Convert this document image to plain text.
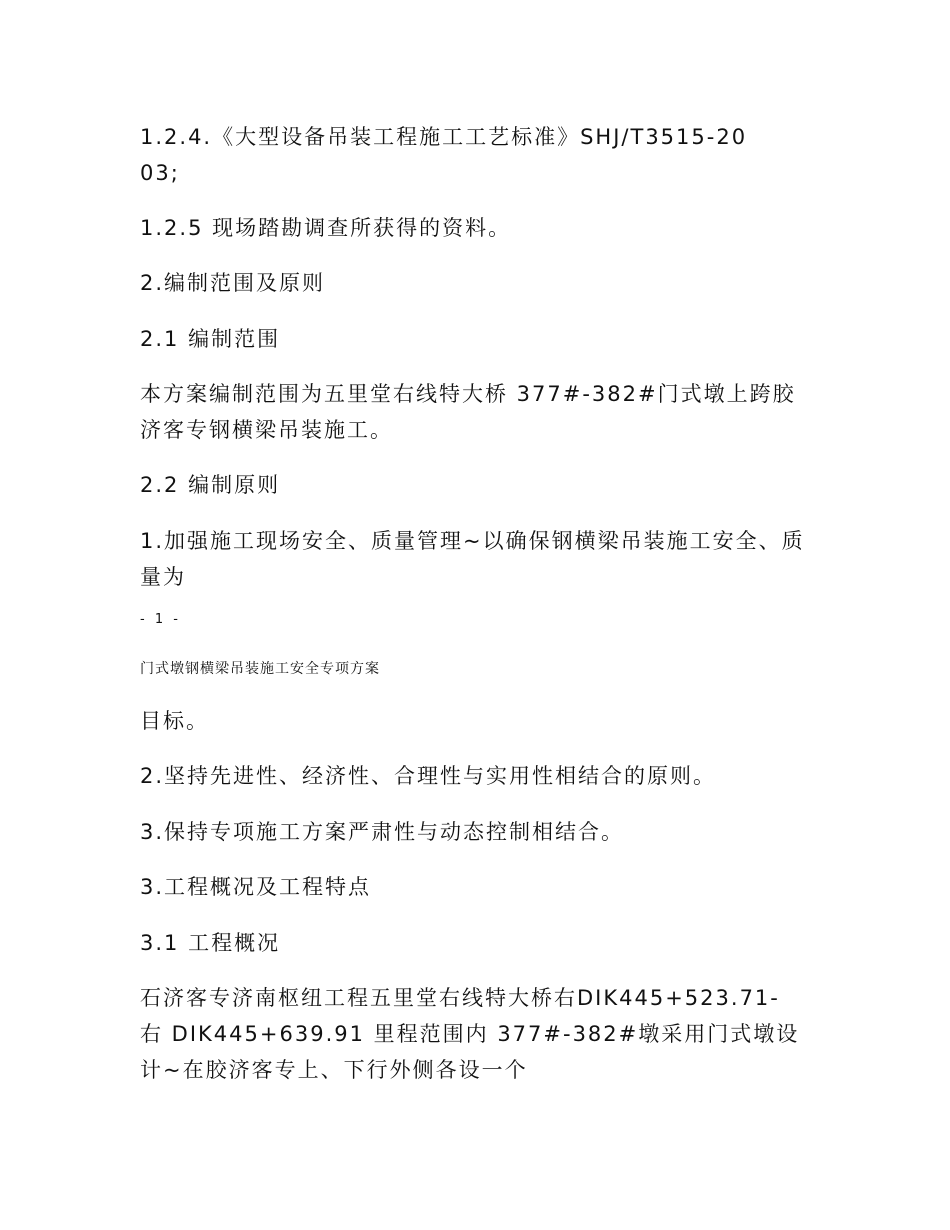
1.2.4.《大型设备吊装工程施工工艺标准》SHJ/T3515-2003;

1.2.5 现场踏勘调查所获得的资料。

2.编制范围及原则

2.1 编制范围

本方案编制范围为五里堂右线特大桥 377#-382#门式墩上跨胶济客专钢横梁吊装施工。

2.2 编制原则

1.加强施工现场安全、质量管理~以确保钢横梁吊装施工安全、质量为

- 1 -

门式墩钢横梁吊装施工安全专项方案

目标。

2.坚持先进性、经济性、合理性与实用性相结合的原则。

3.保持专项施工方案严肃性与动态控制相结合。

3.工程概况及工程特点

3.1 工程概况

石济客专济南枢纽工程五里堂右线特大桥右DIK445+523.71-右 DIK445+639.91 里程范围内 377#-382#墩采用门式墩设计~在胶济客专上、下行外侧各设一个
